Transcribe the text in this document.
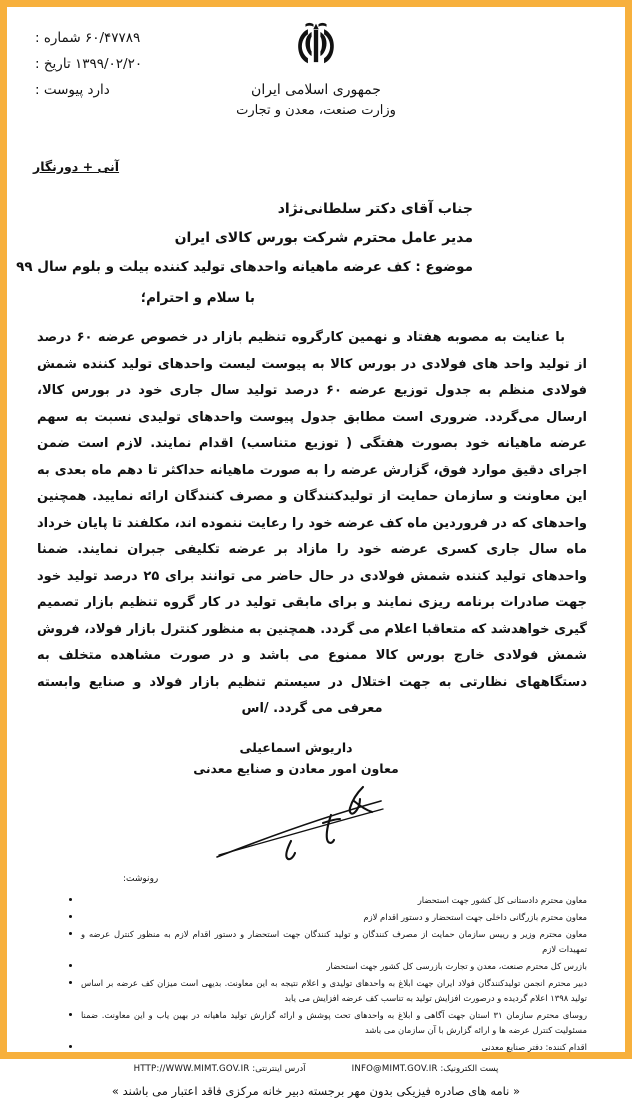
۶۰/۴۷۷۸۹ شماره :
۱۳۹۹/۰۲/۲۰ تاریخ :
دارد پیوست :	جمهوری اسلامی ایران
وزارت صنعت، معدن و تجارت
آنی + دورنگار
جناب آقای دکتر سلطانی‌نژاد
مدیر عامل محترم شرکت بورس کالای ایران
موضوع : کف عرضه ماهیانه واحدهای تولید کننده بیلت و بلوم سال ۹۹
با سلام و احترام؛

با عنایت به مصوبه هفتاد و نهمین کارگروه تنظیم بازار در خصوص عرضه ۶۰ درصد از تولید واحد های فولادی در بورس کالا به پیوست لیست واحدهای تولید کننده شمش فولادی منظم به جدول توزیع عرضه ۶۰ درصد تولید سال جاری خود در بورس کالا، ارسال می‌گردد. ضروری است مطابق جدول پیوست واحدهای تولیدی نسبت به سهم عرضه ماهیانه خود بصورت هفتگی ( توزیع متناسب) اقدام نمایند. لازم است ضمن اجرای دقیق موارد فوق، گزارش عرضه را به صورت ماهیانه حداکثر تا دهم ماه بعدی به این معاونت و سازمان حمایت از تولیدکنندگان و مصرف کنندگان ارائه نمایید. همچنین واحدهای که در فروردین ماه کف عرضه خود را رعایت ننموده اند، مکلفند تا پایان خرداد ماه سال جاری کسری عرضه خود را مازاد بر عرضه تکلیفی جبران نمایند. ضمنا واحدهای تولید کننده شمش فولادی در حال حاضر می توانند برای ۲۵ درصد تولید خود جهت صادرات برنامه ریزی نمایند و برای مابقی تولید در کار گروه تنظیم بازار تصمیم گیری خواهدشد که متعاقبا اعلام می گردد. همچنین به منظور کنترل بازار فولاد، فروش شمش فولادی خارج بورس کالا ممنوع می باشد و در صورت مشاهده متخلف به دستگاههای نظارتی به جهت اختلال در سیستم تنظیم بازار فولاد و صنایع وابسته معرفی می گردد. /اس

داریوش اسماعیلی
معاون امور معادن و صنایع معدنی
رونوشت:
معاون محترم دادستانی کل کشور جهت استحضار
معاون محترم بازرگانی داخلی جهت استحضار و دستور اقدام لازم
معاون محترم وزیر و رییس سازمان حمایت از مصرف کنندگان و تولید کنندگان جهت استحضار و دستور اقدام لازم به منظور کنترل عرضه و تمهیدات لازم
بازرس کل محترم صنعت، معدن و تجارت بازرسی کل کشور جهت استحضار
دبیر محترم انجمن تولیدکنندگان فولاد ایران جهت ابلاغ به واحدهای تولیدی و اعلام نتیجه به این معاونت. بدیهی است میزان کف عرضه بر اساس تولید ۱۳۹۸ اعلام گردیده و درصورت افزایش تولید به تناسب کف عرضه افزایش می یابد
روسای محترم سازمان ۳۱ استان جهت آگاهی و ابلاغ به واحدهای تحت پوشش و ارائه گزارش تولید ماهیانه در بهین یاب و این معاونت. ضمنا مسئولیت کنترل عرضه ها و ارائه گزارش با آن سازمان می باشد
اقدام کننده: دفتر صنایع معدنی
آدرس اینترنتی: HTTP://WWW.MIMT.GOV.IR	پست الکترونیک: INFO@MIMT.GOV.IR
« نامه های صادره فیزیکی بدون مهر برجسته دبیر خانه مرکزی فاقد اعتبار می باشند »
